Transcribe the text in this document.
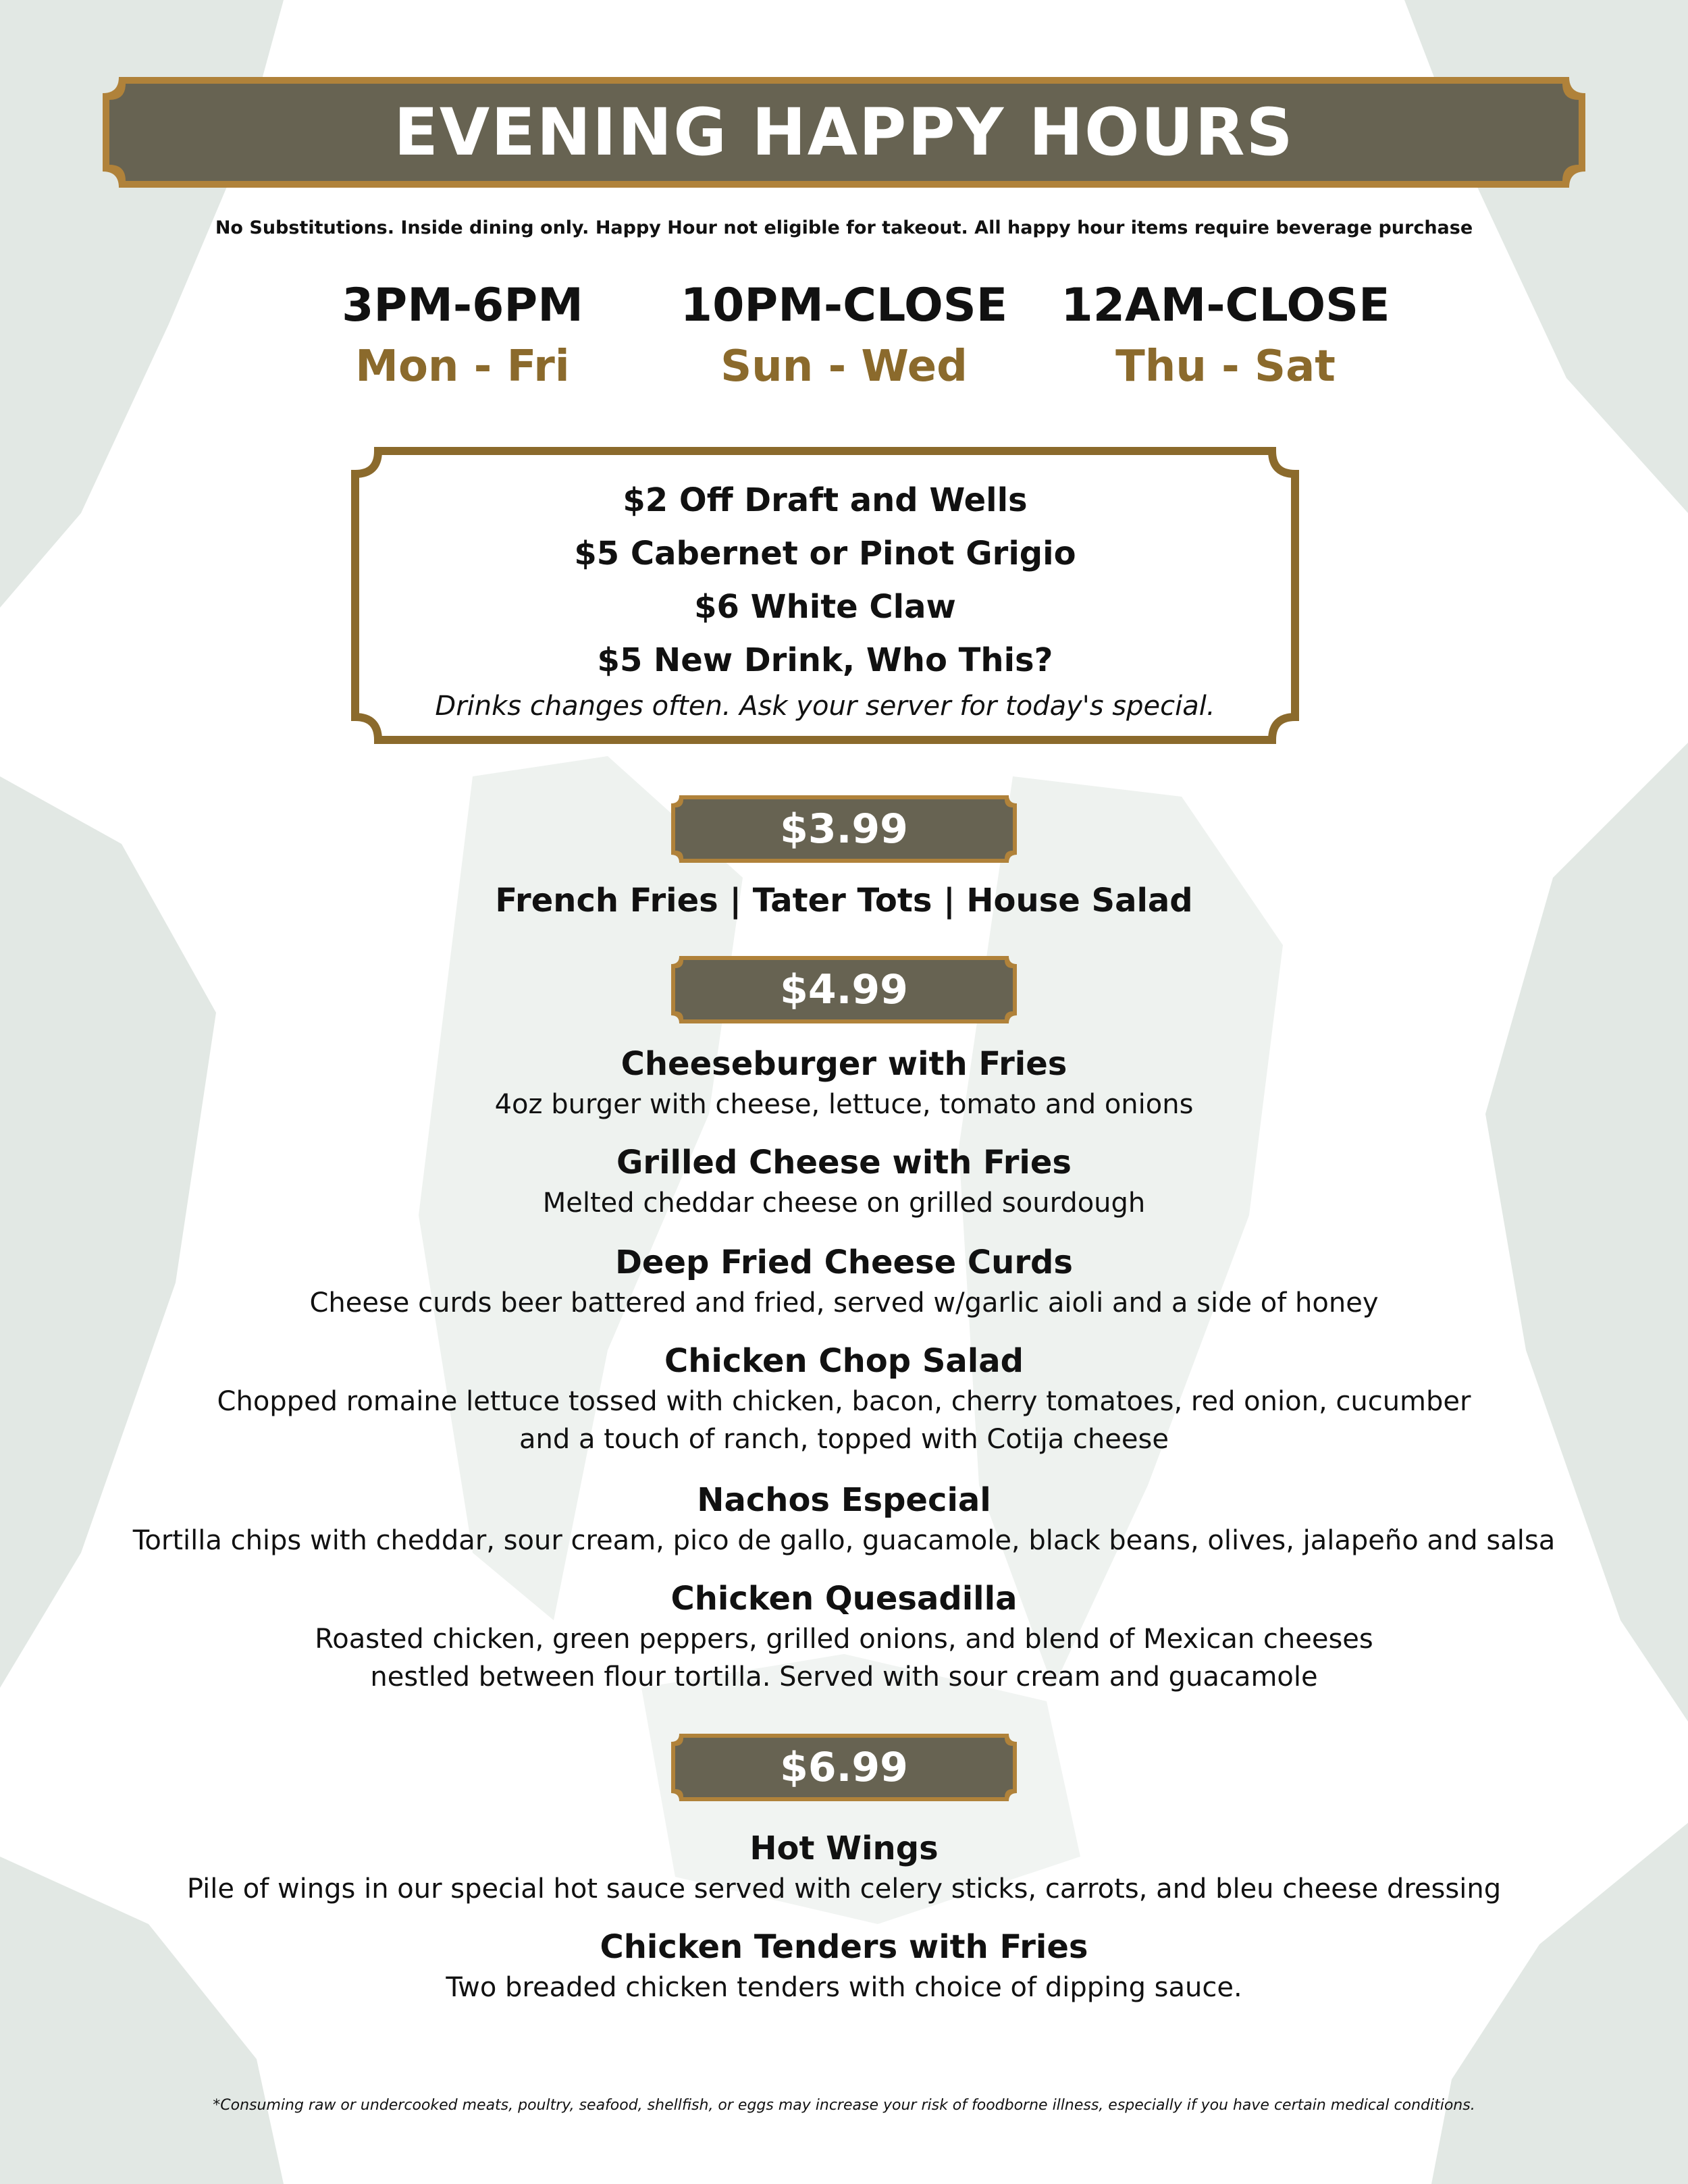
EVENING HAPPY HOURS
No Substitutions. Inside dining only. Happy Hour not eligible for takeout. All happy hour items require beverage purchase
3PM-6PM
Mon - Fri
10PM-CLOSE
Sun - Wed
12AM-CLOSE
Thu - Sat
$2 Off Draft and Wells
$5 Cabernet or Pinot Grigio
$6 White Claw
$5 New Drink, Who This?
Drinks changes often. Ask your server for today's special.
$3.99
French Fries | Tater Tots | House Salad
$4.99
Cheeseburger with Fries
4oz burger with cheese, lettuce, tomato and onions
Grilled Cheese with Fries
Melted cheddar cheese on grilled sourdough
Deep Fried Cheese Curds
Cheese curds beer battered and fried, served w/garlic aioli and a side of honey
Chicken Chop Salad
Chopped romaine lettuce tossed with chicken, bacon, cherry tomatoes, red onion, cucumber
and a touch of ranch, topped with Cotija cheese
Nachos Especial
Tortilla chips with cheddar, sour cream, pico de gallo, guacamole, black beans, olives, jalapeño and salsa
Chicken Quesadilla
Roasted chicken, green peppers, grilled onions, and blend of Mexican cheeses
nestled between flour tortilla. Served with sour cream and guacamole
$6.99
Hot Wings
Pile of wings in our special hot sauce served with celery sticks, carrots, and bleu cheese dressing
Chicken Tenders with Fries
Two breaded chicken tenders with choice of dipping sauce.
*Consuming raw or undercooked meats, poultry, seafood, shellfish, or eggs may increase your risk of foodborne illness, especially if you have certain medical conditions.
